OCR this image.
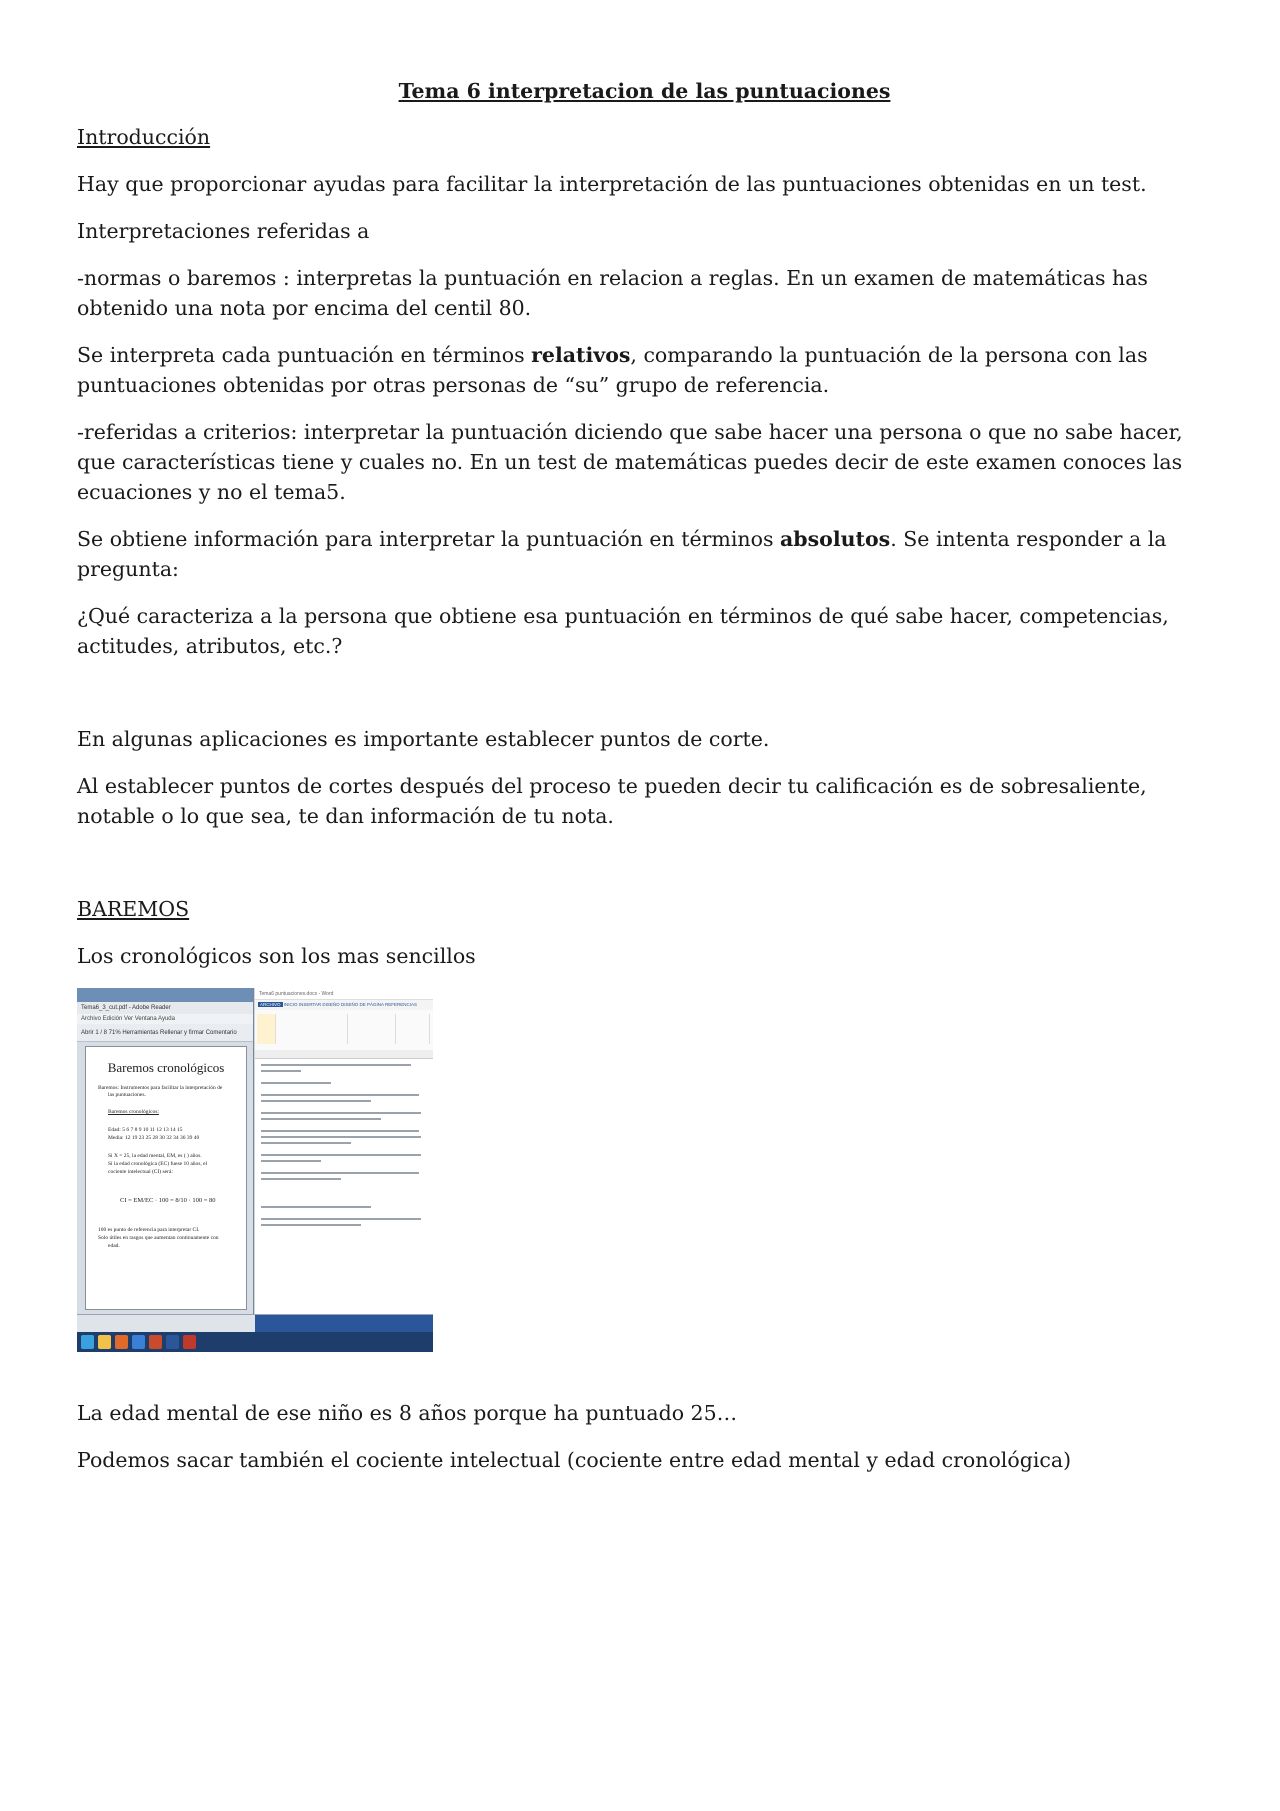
Tema 6 interpretacion de las puntuaciones

Introducción

Hay que proporcionar ayudas para facilitar la interpretación de las puntuaciones obtenidas en un test.

Interpretaciones referidas a

-normas o baremos : interpretas la puntuación en relacion a reglas. En un examen de matemáticas has obtenido una nota por encima del centil 80.

Se interpreta cada puntuación en términos relativos, comparando la puntuación de la persona con las puntuaciones obtenidas por otras personas de “su” grupo de referencia.

-referidas a criterios: interpretar la puntuación diciendo que sabe hacer una persona o que no sabe hacer, que características tiene y cuales no. En un test de matemáticas puedes decir de este examen conoces las ecuaciones y no el tema5.

Se obtiene información para interpretar la puntuación en términos absolutos. Se intenta responder a la pregunta:

¿Qué caracteriza a la persona que obtiene esa puntuación en términos de qué sabe hacer, competencias, actitudes, atributos, etc.?

En algunas aplicaciones es importante establecer puntos de corte.

Al establecer puntos de cortes después del proceso te pueden decir tu calificación es de sobresaliente, notable o lo que sea, te dan información de tu nota.

BAREMOS

Los cronológicos son los mas sencillos

Tema6_3_cut.pdf - Adobe Reader
Archivo Edición Ver Ventana Ayuda
Abrir 1 / 8 71% Herramientas Rellenar y firmar Comentario
Baremos cronológicos
Baremos: Instrumentos para facilitar la interpretación de
las puntuaciones.
Baremos cronológicos:
Edad: 5 6 7 8 9 10 11 12 13 14 15
Media: 12 19 23 25 28 30 32 34 36 39 40
Si X = 25, la edad mental, EM, es ( ) años.
Si la edad cronológica (EC) fuese 10 años, el
cociente intelectual (CI) será:
CI = EM/EC · 100 = 8/10 · 100 = 80
100 es punto de referencia para interpretar CI.
Solo útiles en rasgos que aumentan continuamente con
edad.
Tema6 puntuaciones.docx - Word
ARCHIVO INICIO INSERTAR DISEÑO DISEÑO DE PÁGINA REFERENCIAS

La edad mental de ese niño es 8 años porque ha puntuado 25…

Podemos sacar también el cociente intelectual (cociente entre edad mental y edad cronológica)
